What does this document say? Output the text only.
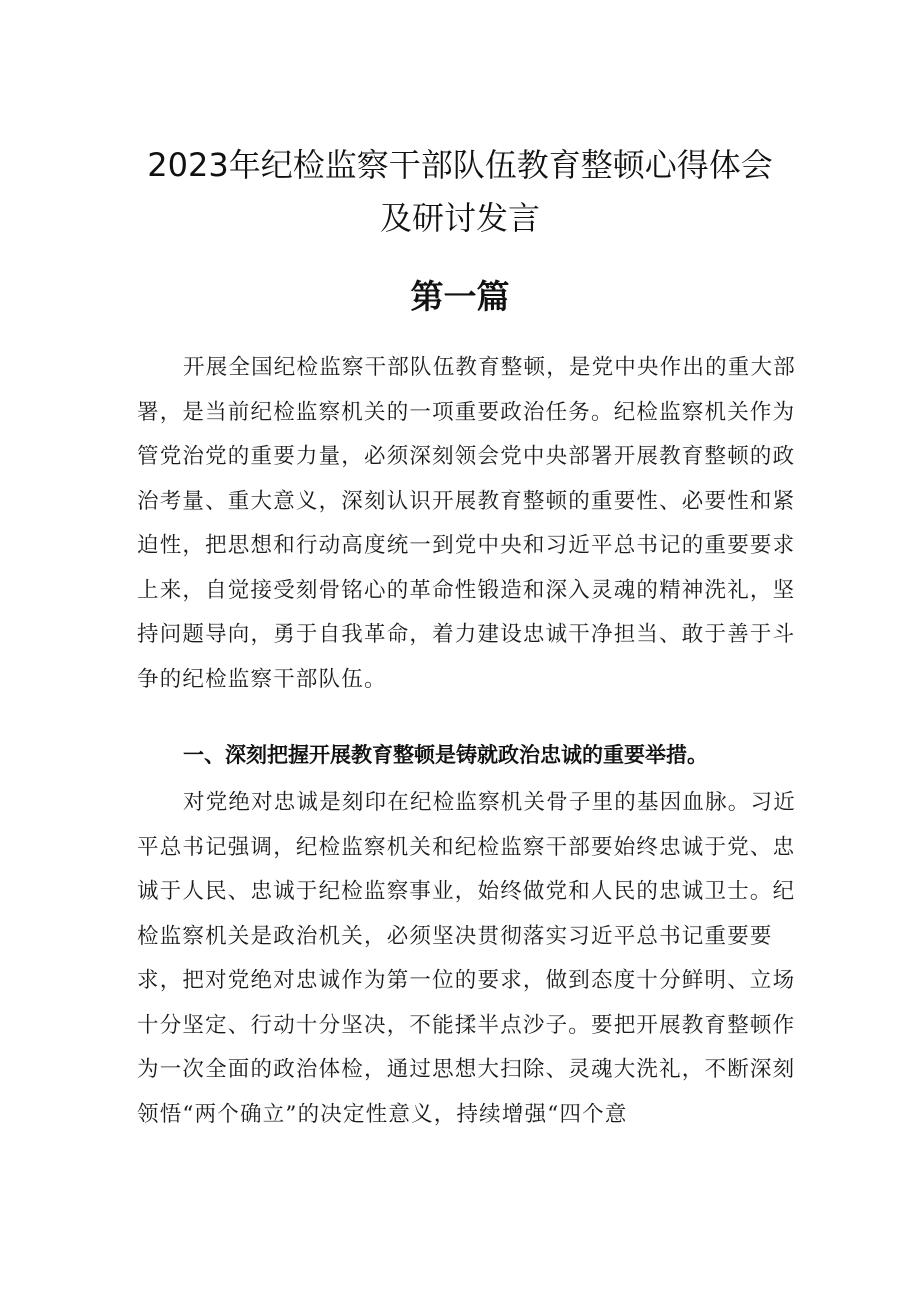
2023年纪检监察干部队伍教育整顿心得体会
及研讨发言
第一篇

开展全国纪检监察干部队伍教育整顿，是党中央作出的重大部署，是当前纪检监察机关的一项重要政治任务。纪检监察机关作为管党治党的重要力量，必须深刻领会党中央部署开展教育整顿的政治考量、重大意义，深刻认识开展教育整顿的重要性、必要性和紧迫性，把思想和行动高度统一到党中央和习近平总书记的重要要求上来，自觉接受刻骨铭心的革命性锻造和深入灵魂的精神洗礼，坚持问题导向，勇于自我革命，着力建设忠诚干净担当、敢于善于斗争的纪检监察干部队伍。

一、深刻把握开展教育整顿是铸就政治忠诚的重要举措。

对党绝对忠诚是刻印在纪检监察机关骨子里的基因血脉。习近平总书记强调，纪检监察机关和纪检监察干部要始终忠诚于党、忠诚于人民、忠诚于纪检监察事业，始终做党和人民的忠诚卫士。纪检监察机关是政治机关，必须坚决贯彻落实习近平总书记重要要求，把对党绝对忠诚作为第一位的要求，做到态度十分鲜明、立场十分坚定、行动十分坚决，不能揉半点沙子。要把开展教育整顿作为一次全面的政治体检，通过思想大扫除、灵魂大洗礼，不断深刻领悟“两个确立”的决定性意义，持续增强“四个意
